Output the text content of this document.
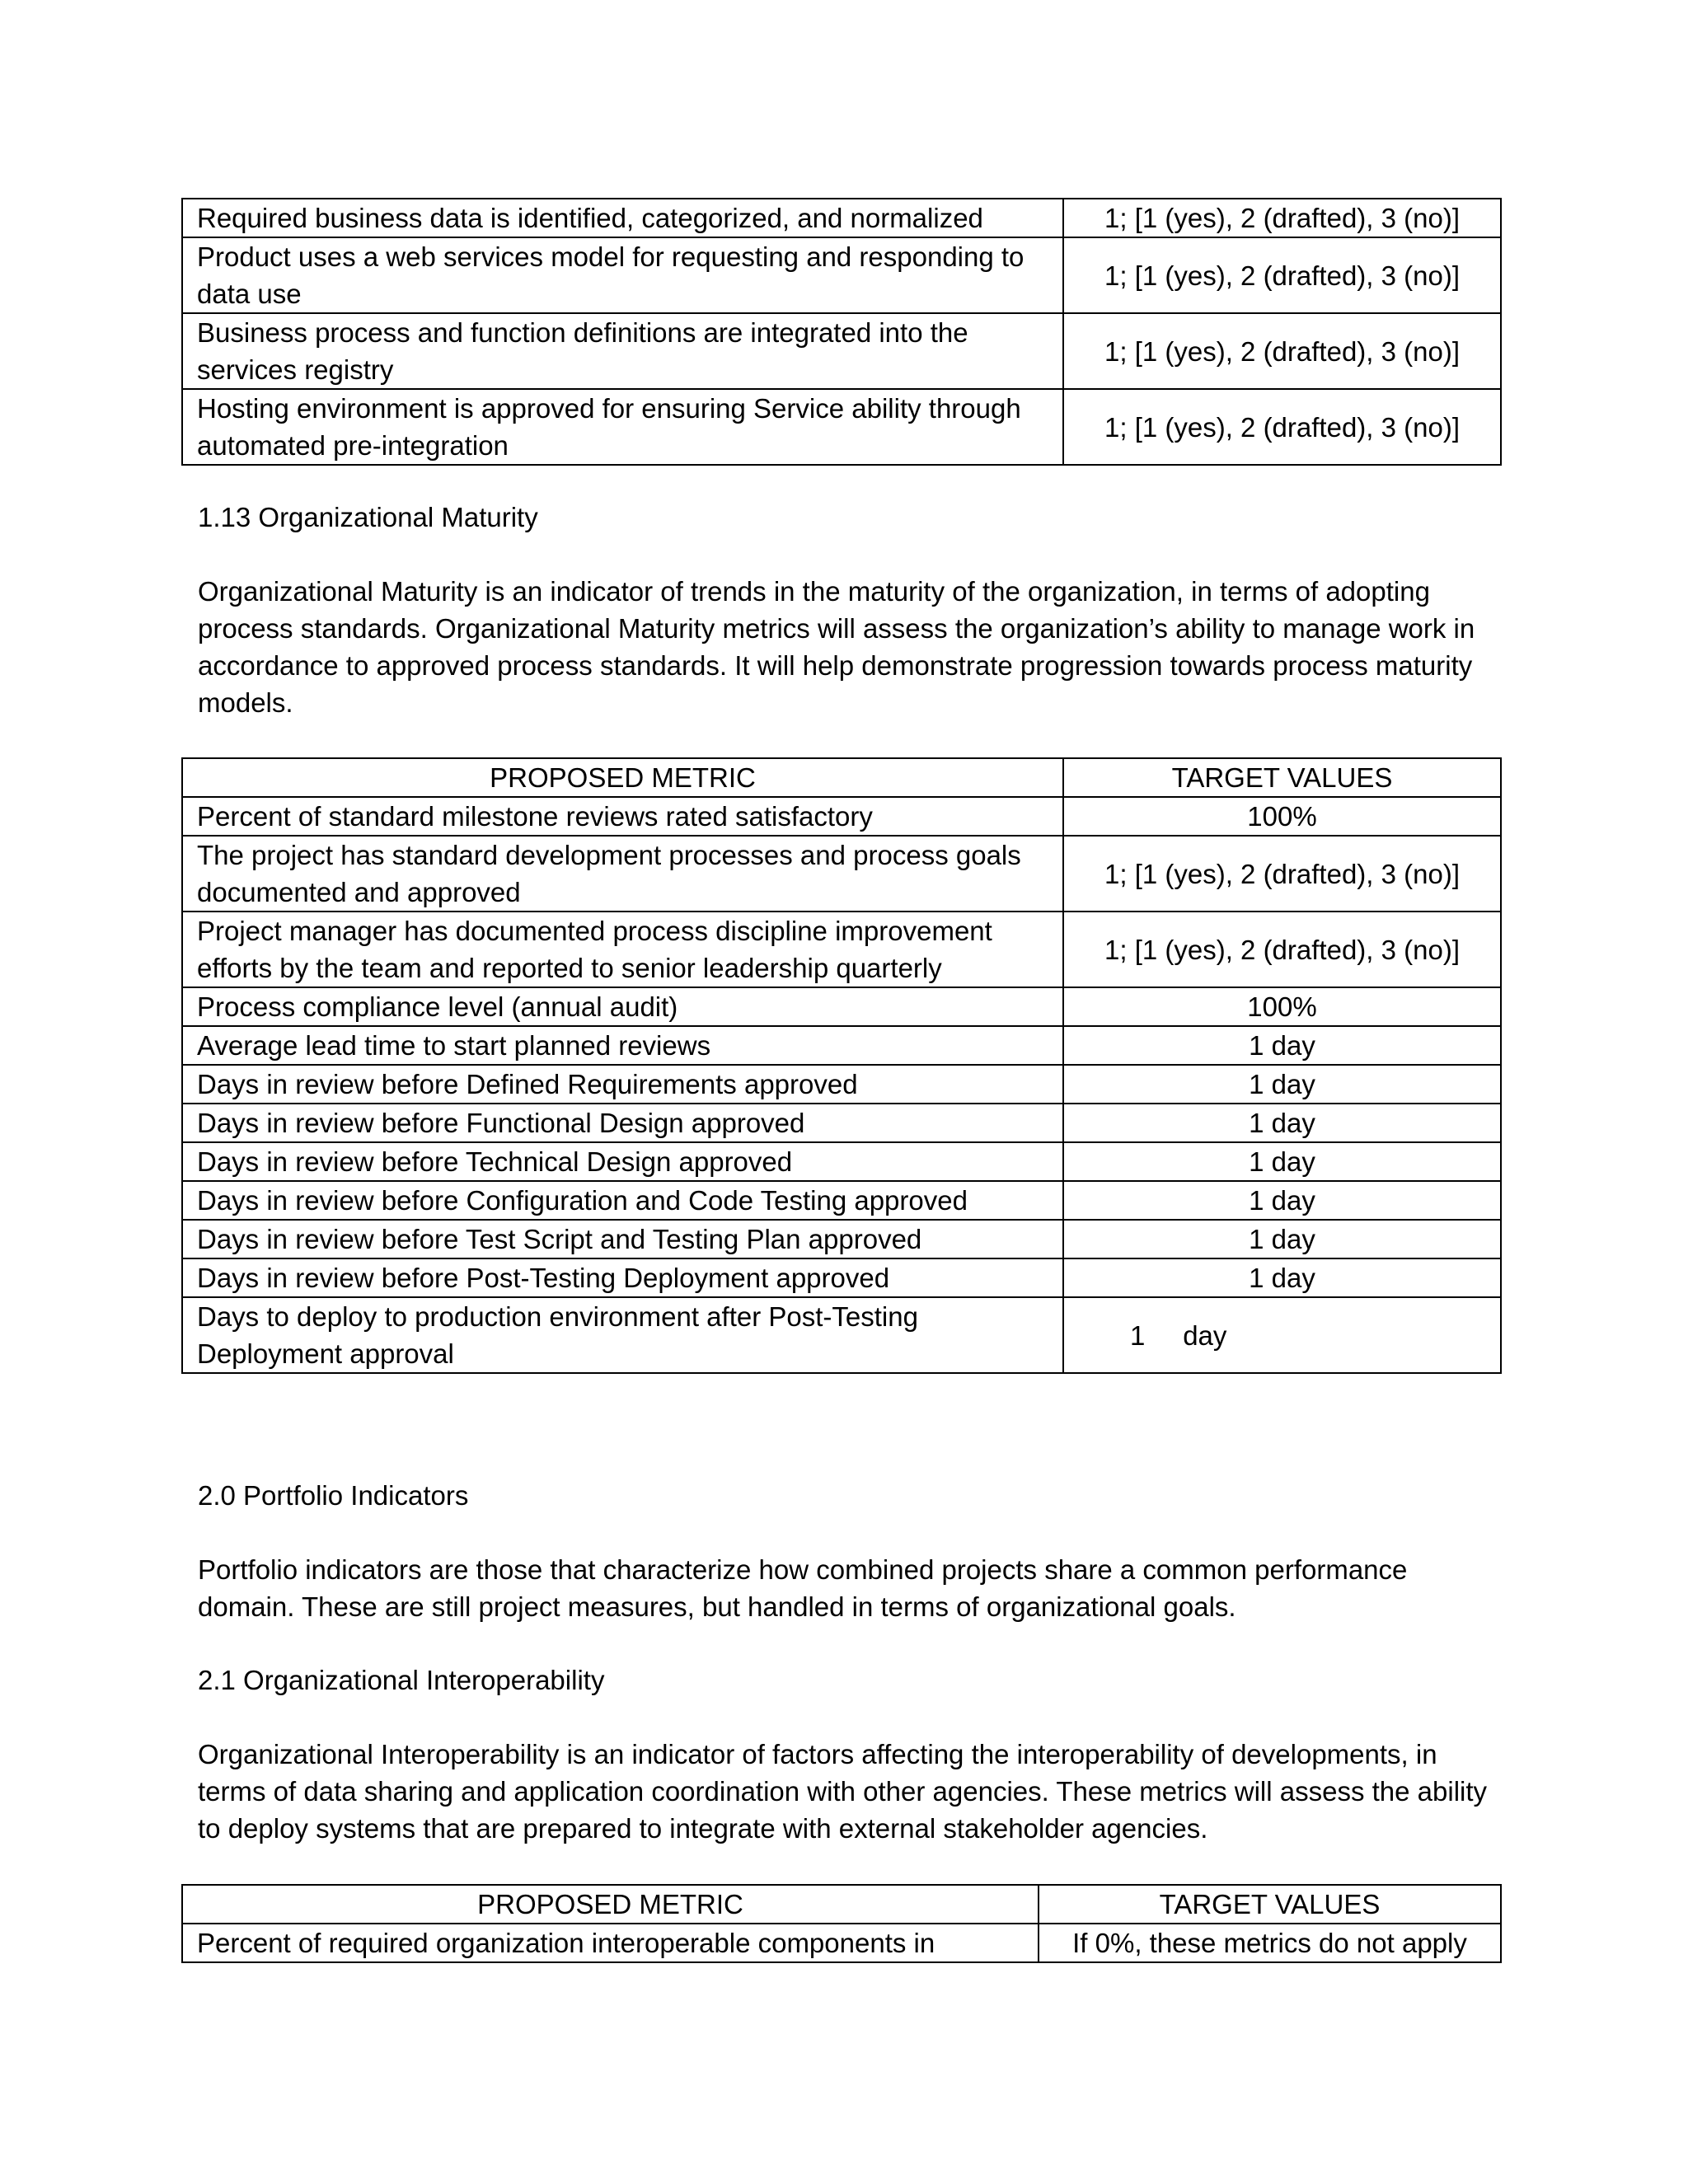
Required business data is identified, categorized, and normalized	1; [1 (yes), 2 (drafted), 3 (no)]
Product uses a web services model for requesting and responding to data use	1; [1 (yes), 2 (drafted), 3 (no)]
Business process and function definitions are integrated into the services registry	1; [1 (yes), 2 (drafted), 3 (no)]
Hosting environment is approved for ensuring Service ability through automated pre-integration	1; [1 (yes), 2 (drafted), 3 (no)]

1.13 Organizational Maturity

Organizational Maturity is an indicator of trends in the maturity of the organization, in terms of adopting process standards. Organizational Maturity metrics will assess the organization’s ability to manage work in accordance to approved process standards. It will help demonstrate progression towards process maturity models.

PROPOSED METRIC	TARGET VALUES
Percent of standard milestone reviews rated satisfactory	100%
The project has standard development processes and process goals documented and approved	1; [1 (yes), 2 (drafted), 3 (no)]
Project manager has documented process discipline improvement efforts by the team and reported to senior leadership quarterly	1; [1 (yes), 2 (drafted), 3 (no)]
Process compliance level (annual audit)	100%
Average lead time to start planned reviews	1 day
Days in review before Defined Requirements approved	1 day
Days in review before Functional Design approved	1 day
Days in review before Technical Design approved	1 day
Days in review before Configuration and Code Testing approved	1 day
Days in review before Test Script and Testing Plan approved	1 day
Days in review before Post-Testing Deployment approved	1 day
Days to deploy to production environment after Post-Testing Deployment approval	1     day

2.0 Portfolio Indicators

Portfolio indicators are those that characterize how combined projects share a common performance domain. These are still project measures, but handled in terms of organizational goals.

2.1 Organizational Interoperability

Organizational Interoperability is an indicator of factors affecting the interoperability of developments, in terms of data sharing and application coordination with other agencies. These metrics will assess the ability to deploy systems that are prepared to integrate with external stakeholder agencies.

PROPOSED METRIC	TARGET VALUES
Percent of required organization interoperable components in	If 0%, these metrics do not apply
